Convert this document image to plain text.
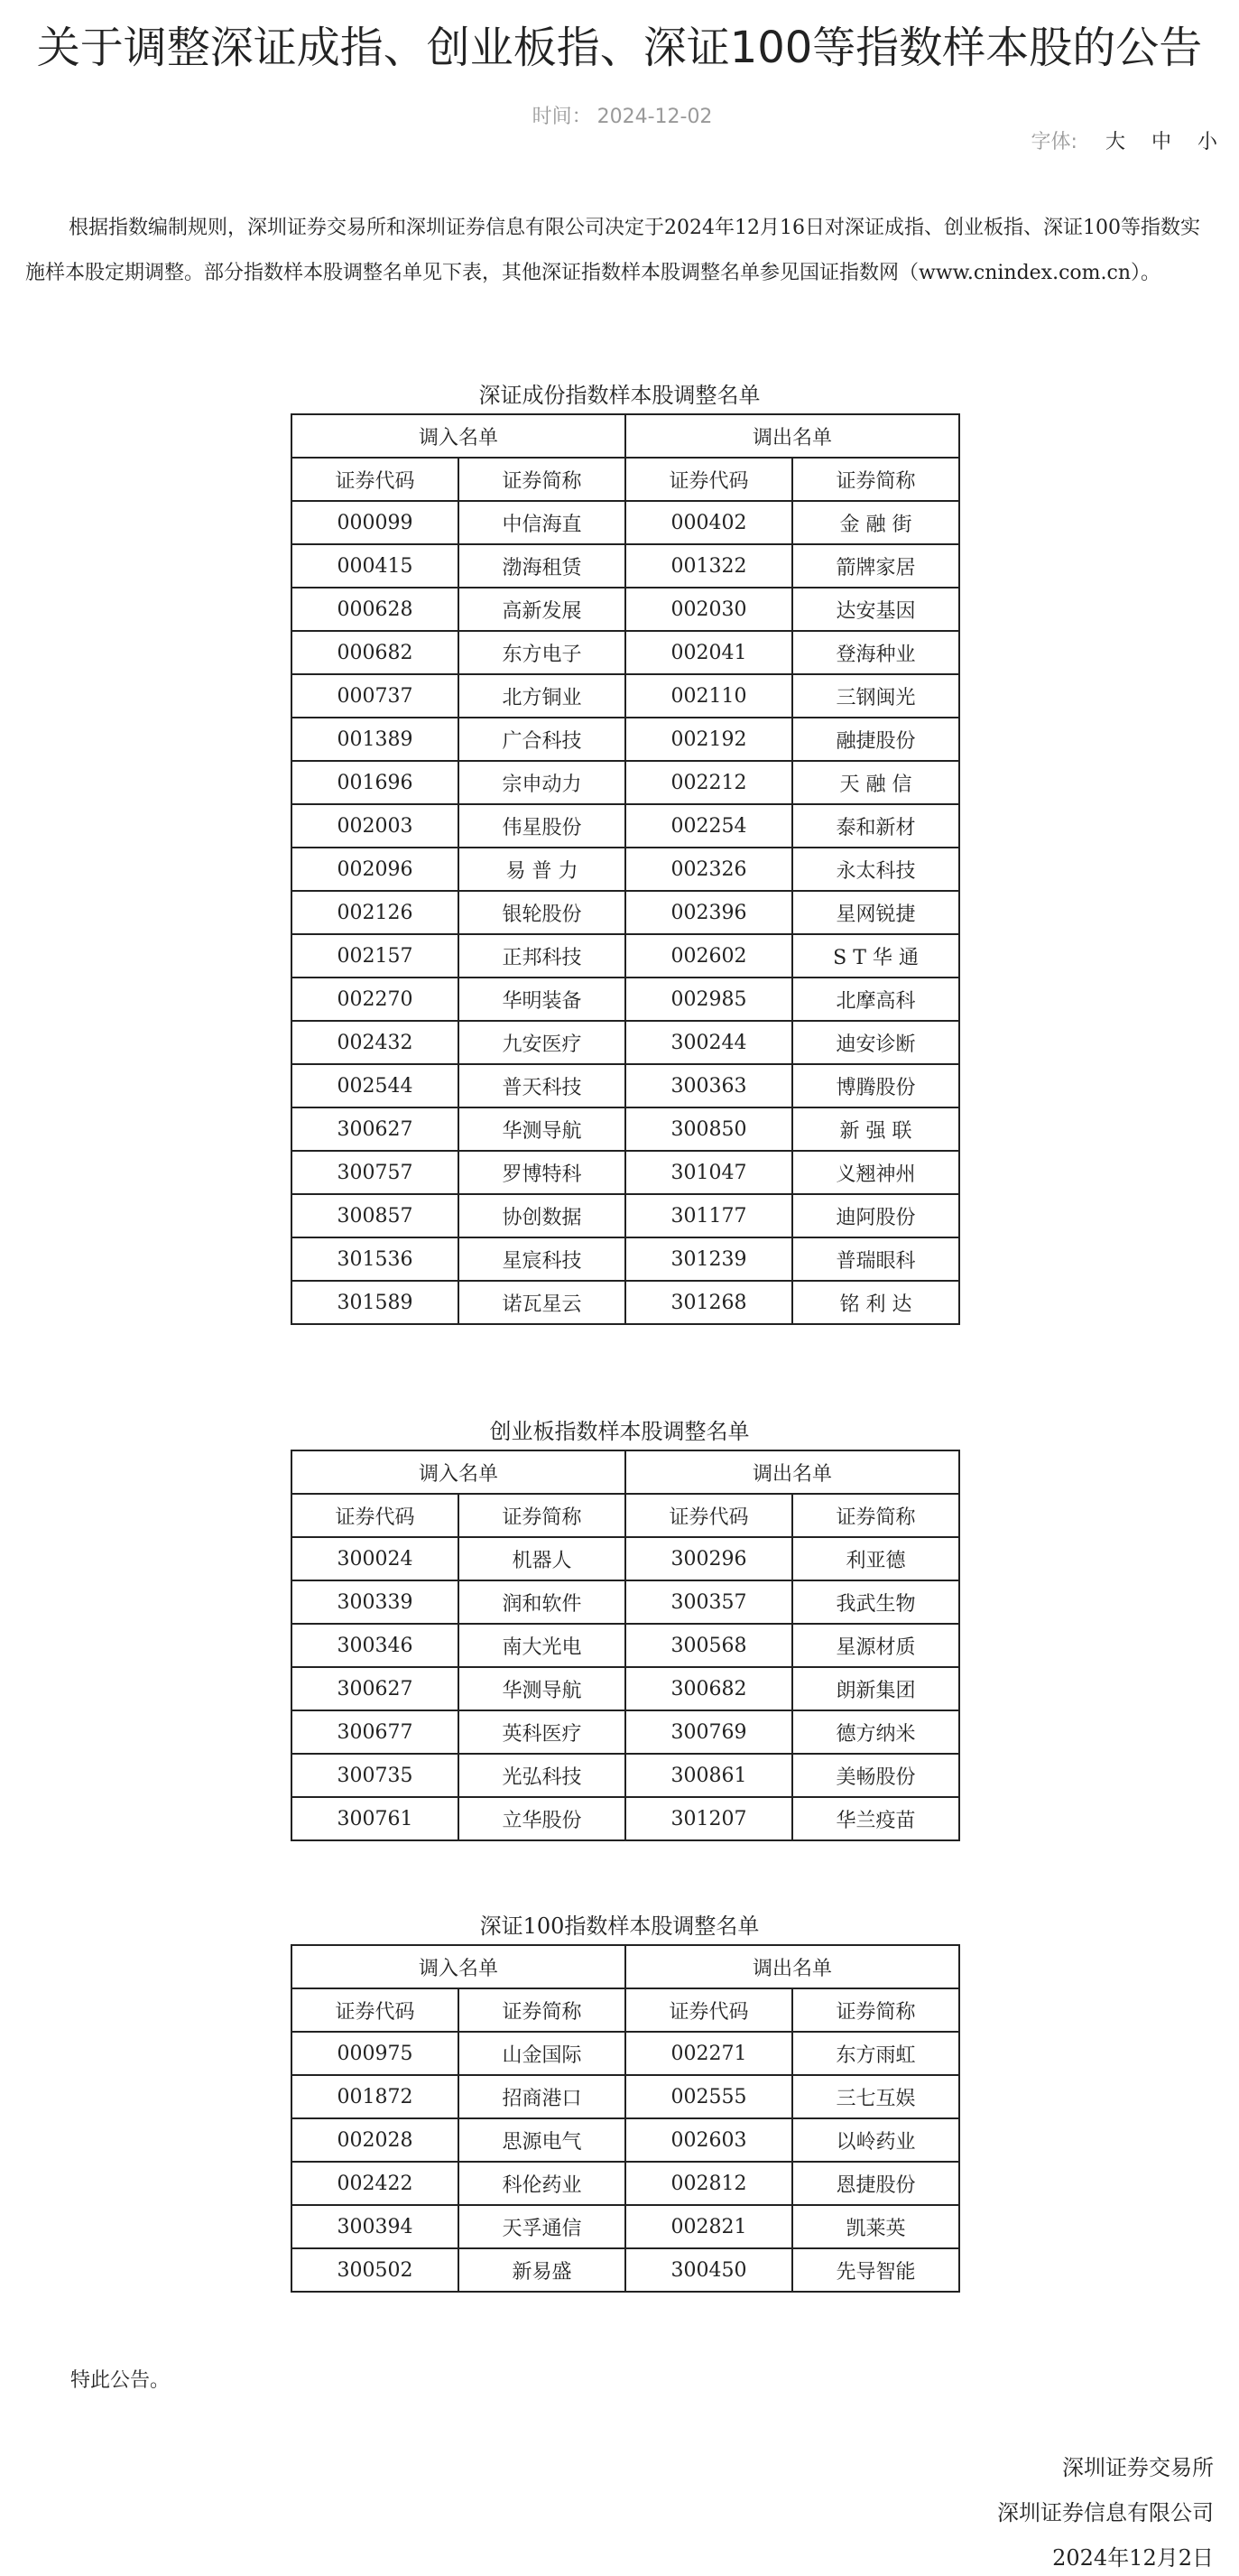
关于调整深证成指、创业板指、深证100等指数样本股的公告
时间： 2024-12-02
字体: 大 中 小
根据指数编制规则，深圳证券交易所和深圳证券信息有限公司决定于2024年12月16日对深证成指、创业板指、深证100等指数实施样本股定期调整。部分指数样本股调整名单见下表，其他深证指数样本股调整名单参见国证指数网（www.cnindex.com.cn）。
深证成份指数样本股调整名单
调入名单		调出名单	
证券代码	证券简称	证券代码	证券简称
000099	中信海直	000402	金 融 街
000415	渤海租赁	001322	箭牌家居
000628	高新发展	002030	达安基因
000682	东方电子	002041	登海种业
000737	北方铜业	002110	三钢闽光
001389	广合科技	002192	融捷股份
001696	宗申动力	002212	天 融 信
002003	伟星股份	002254	泰和新材
002096	易 普 力	002326	永太科技
002126	银轮股份	002396	星网锐捷
002157	正邦科技	002602	S T 华 通
002270	华明装备	002985	北摩高科
002432	九安医疗	300244	迪安诊断
002544	普天科技	300363	博腾股份
300627	华测导航	300850	新 强 联
300757	罗博特科	301047	义翘神州
300857	协创数据	301177	迪阿股份
301536	星宸科技	301239	普瑞眼科
301589	诺瓦星云	301268	铭 利 达
创业板指数样本股调整名单
调入名单		调出名单	
证券代码	证券简称	证券代码	证券简称
300024	机器人	300296	利亚德
300339	润和软件	300357	我武生物
300346	南大光电	300568	星源材质
300627	华测导航	300682	朗新集团
300677	英科医疗	300769	德方纳米
300735	光弘科技	300861	美畅股份
300761	立华股份	301207	华兰疫苗
深证100指数样本股调整名单
调入名单		调出名单	
证券代码	证券简称	证券代码	证券简称
000975	山金国际	002271	东方雨虹
001872	招商港口	002555	三七互娱
002028	思源电气	002603	以岭药业
002422	科伦药业	002812	恩捷股份
300394	天孚通信	002821	凯莱英
300502	新易盛	300450	先导智能
特此公告。
深圳证券交易所
深圳证券信息有限公司
2024年12月2日
